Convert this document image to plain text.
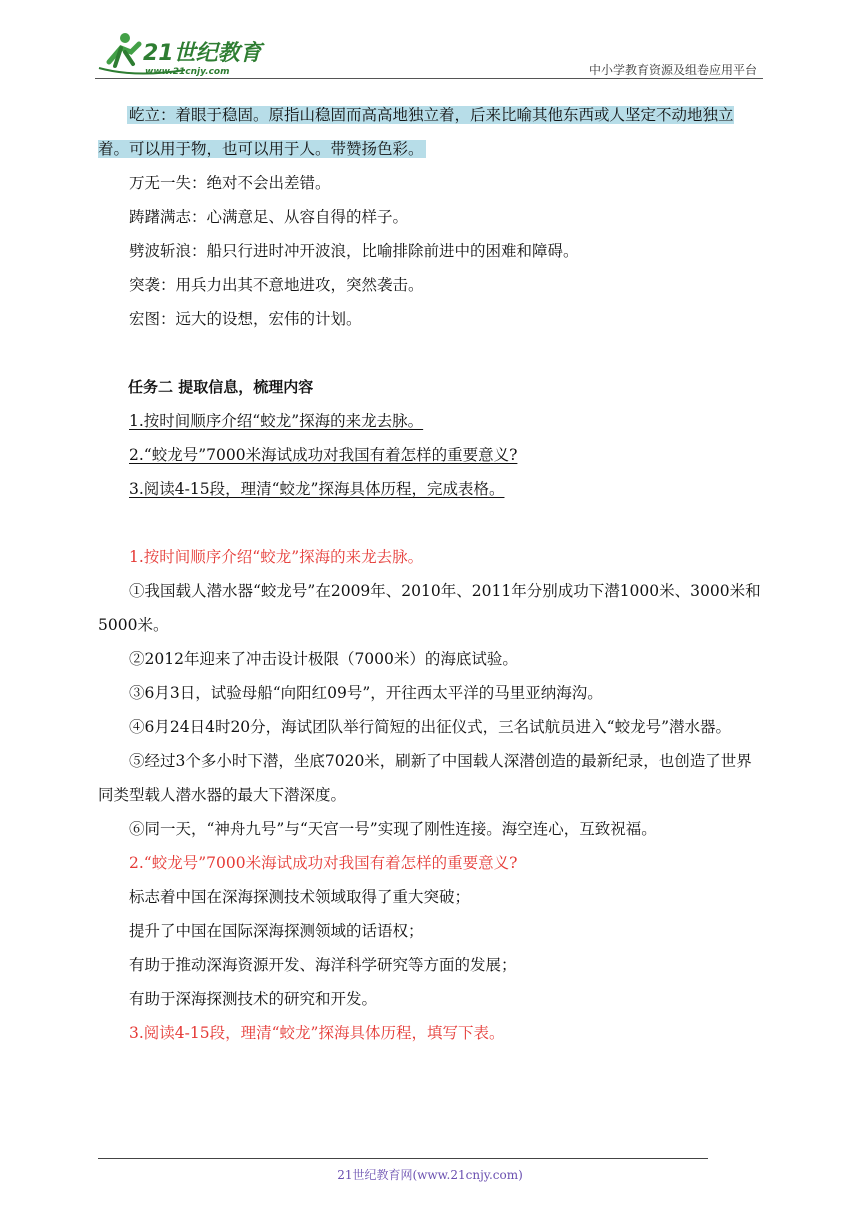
21世纪教育
www.21cnjy.com	中小学教育资源及组卷应用平台

屹立：着眼于稳固。原指山稳固而高高地独立着，后来比喻其他东西或人坚定不动地独立着。可以用于物，也可以用于人。带赞扬色彩。

万无一失：绝对不会出差错。

踌躇满志：心满意足、从容自得的样子。

劈波斩浪：船只行进时冲开波浪，比喻排除前进中的困难和障碍。

突袭：用兵力出其不意地进攻，突然袭击。

宏图：远大的设想，宏伟的计划。

任务二 提取信息，梳理内容

1.按时间顺序介绍“蛟龙”探海的来龙去脉。

2.“蛟龙号”7000米海试成功对我国有着怎样的重要意义?

3.阅读4-15段，理清“蛟龙”探海具体历程，完成表格。

1.按时间顺序介绍“蛟龙”探海的来龙去脉。

①我国载人潜水器“蛟龙号”在2009年、2010年、2011年分别成功下潜1000米、3000米和5000米。

②2012年迎来了冲击设计极限（7000米）的海底试验。

③6月3日，试验母船“向阳红09号”，开往西太平洋的马里亚纳海沟。

④6月24日4时20分，海试团队举行简短的出征仪式，三名试航员进入“蛟龙号”潜水器。

⑤经过3个多小时下潜，坐底7020米，刷新了中国载人深潜创造的最新纪录，也创造了世界同类型载人潜水器的最大下潜深度。

⑥同一天，“神舟九号”与“天宫一号”实现了刚性连接。海空连心，互致祝福。

2.“蛟龙号”7000米海试成功对我国有着怎样的重要意义?

标志着中国在深海探测技术领域取得了重大突破；

提升了中国在国际深海探测领域的话语权；

有助于推动深海资源开发、海洋科学研究等方面的发展；

有助于深海探测技术的研究和开发。

3.阅读4-15段，理清“蛟龙”探海具体历程，填写下表。

21世纪教育网(www.21cnjy.com)
